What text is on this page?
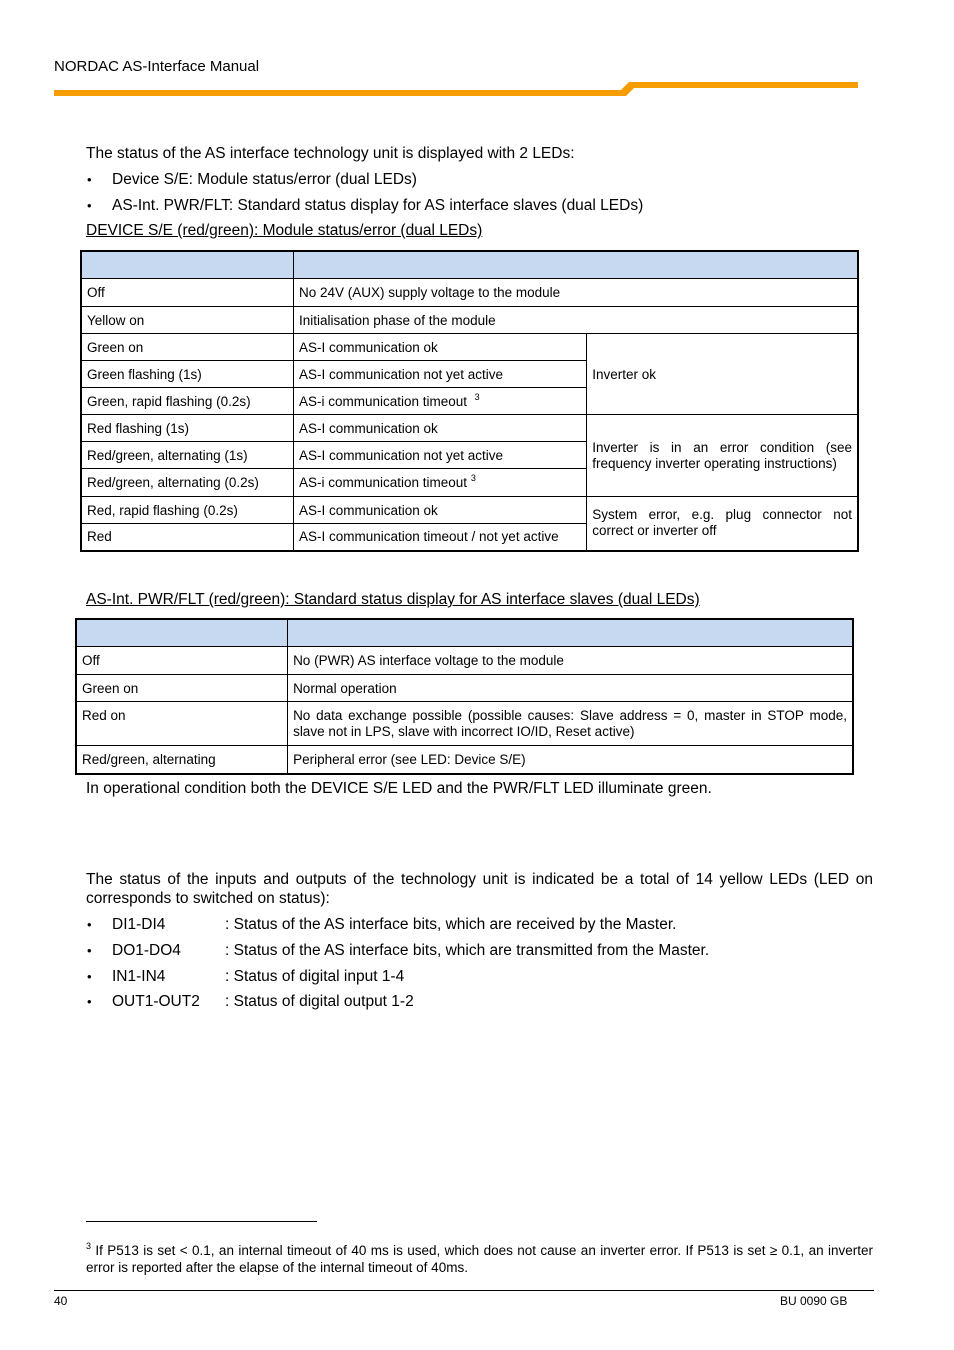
NORDAC AS-Interface Manual
The status of the AS interface technology unit is displayed with 2 LEDs:
• Device S/E: Module status/error (dual LEDs)
• AS-Int. PWR/FLT: Standard status display for AS interface slaves (dual LEDs)
DEVICE S/E (red/green): Module status/error (dual LEDs)

Off	No 24V (AUX) supply voltage to the module	
Yellow on	Initialisation phase of the module	
Green on	AS-I communication ok	Inverter ok
Green flashing (1s)	AS-I communication not yet active	
Green, rapid flashing (0.2s)	AS-i communication timeout $^3$
Red flashing (1s)	AS-I communication ok	Inverter is in an error condition (see frequency inverter operating instructions)
Red/green, alternating (1s)	AS-I communication not yet active	
Red/green, alternating (0.2s)	AS-i communication timeout $^3$
Red, rapid flashing (0.2s)	AS-I communication ok	System error, e.g. plug connector not correct or inverter off
Red	AS-I communication timeout / not yet active	
AS-Int. PWR/FLT (red/green): Standard status display for AS interface slaves (dual LEDs)

Off	No (PWR) AS interface voltage to the module
Green on	Normal operation
Red on	No data exchange possible (possible causes: Slave address = 0, master in STOP mode, slave not in LPS, slave with incorrect IO/ID, Reset active)
Red/green, alternating	Peripheral error (see LED: Device S/E)
In operational condition both the DEVICE S/E LED and the PWR/FLT LED illuminate green.
The status of the inputs and outputs of the technology unit is indicated be a total of 14 yellow LEDs (LED on corresponds to switched on status):
• DI1-DI4	: Status of the AS interface bits, which are received by the Master.
• DO1-DO4	: Status of the AS interface bits, which are transmitted from the Master.
• IN1-IN4	: Status of digital input 1-4
• OUT1-OUT2 : Status of digital output 1-2
$^3$ If P513 is set < 0.1, an internal timeout of 40 ms is used, which does not cause an inverter error. If P513 is set ≥ 0.1, an inverter error is reported after the elapse of the internal timeout of 40ms.
40	BU 0090 GB
